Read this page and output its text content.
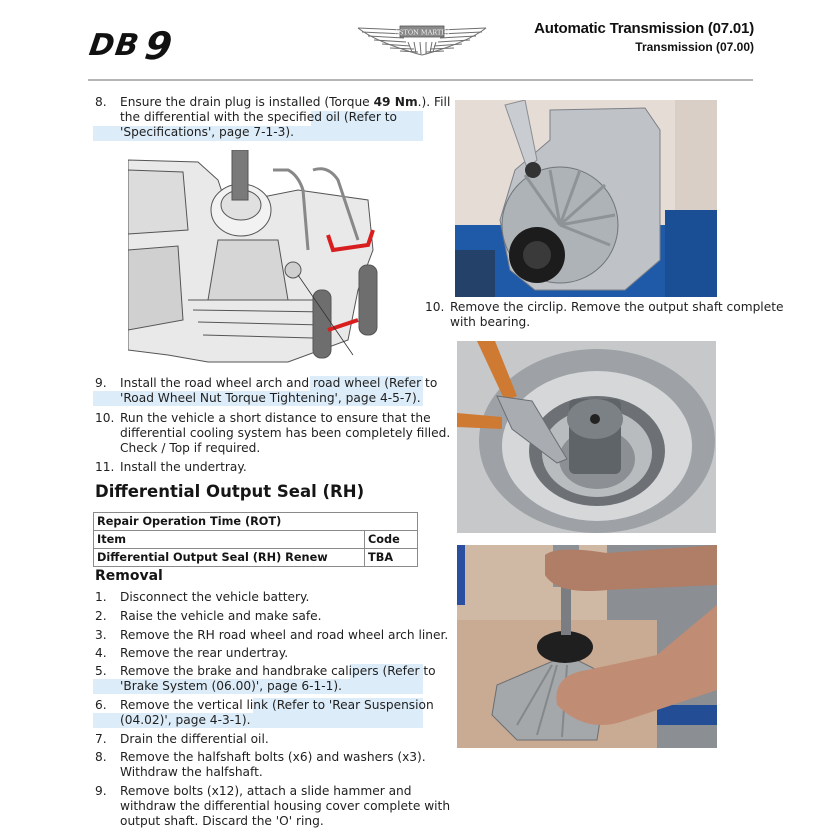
DB9	ASTON MARTIN	Automatic Transmission (07.01)
Transmission (07.00)
8. Ensure the drain plug is installed (Torque 49 Nm.). Fill
the differential with the specified oil (Refer to
'Specifications', page 7-1-3).
9. Install the road wheel arch and road wheel (Refer to
'Road Wheel Nut Torque Tightening', page 4-5-7).
10. Run the vehicle a short distance to ensure that the
differential cooling system has been completely filled.
Check / Top if required.
11. Install the undertray.
Differential Output Seal (RH)
Repair Operation Time (ROT)	
Item	Code
Differential Output Seal (RH) Renew	TBA
Removal
1. Disconnect the vehicle battery.
2. Raise the vehicle and make safe.
3. Remove the RH road wheel and road wheel arch liner.
4. Remove the rear undertray.
5. Remove the brake and handbrake calipers (Refer to
'Brake System (06.00)', page 6-1-1).
6. Remove the vertical link (Refer to 'Rear Suspension
(04.02)', page 4-3-1).
7. Drain the differential oil.
8. Remove the halfshaft bolts (x6) and washers (x3).
Withdraw the halfshaft.
9. Remove bolts (x12), attach a slide hammer and
withdraw the differential housing cover complete with
output shaft. Discard the 'O' ring.
10. Remove the circlip. Remove the output shaft complete
with bearing.
